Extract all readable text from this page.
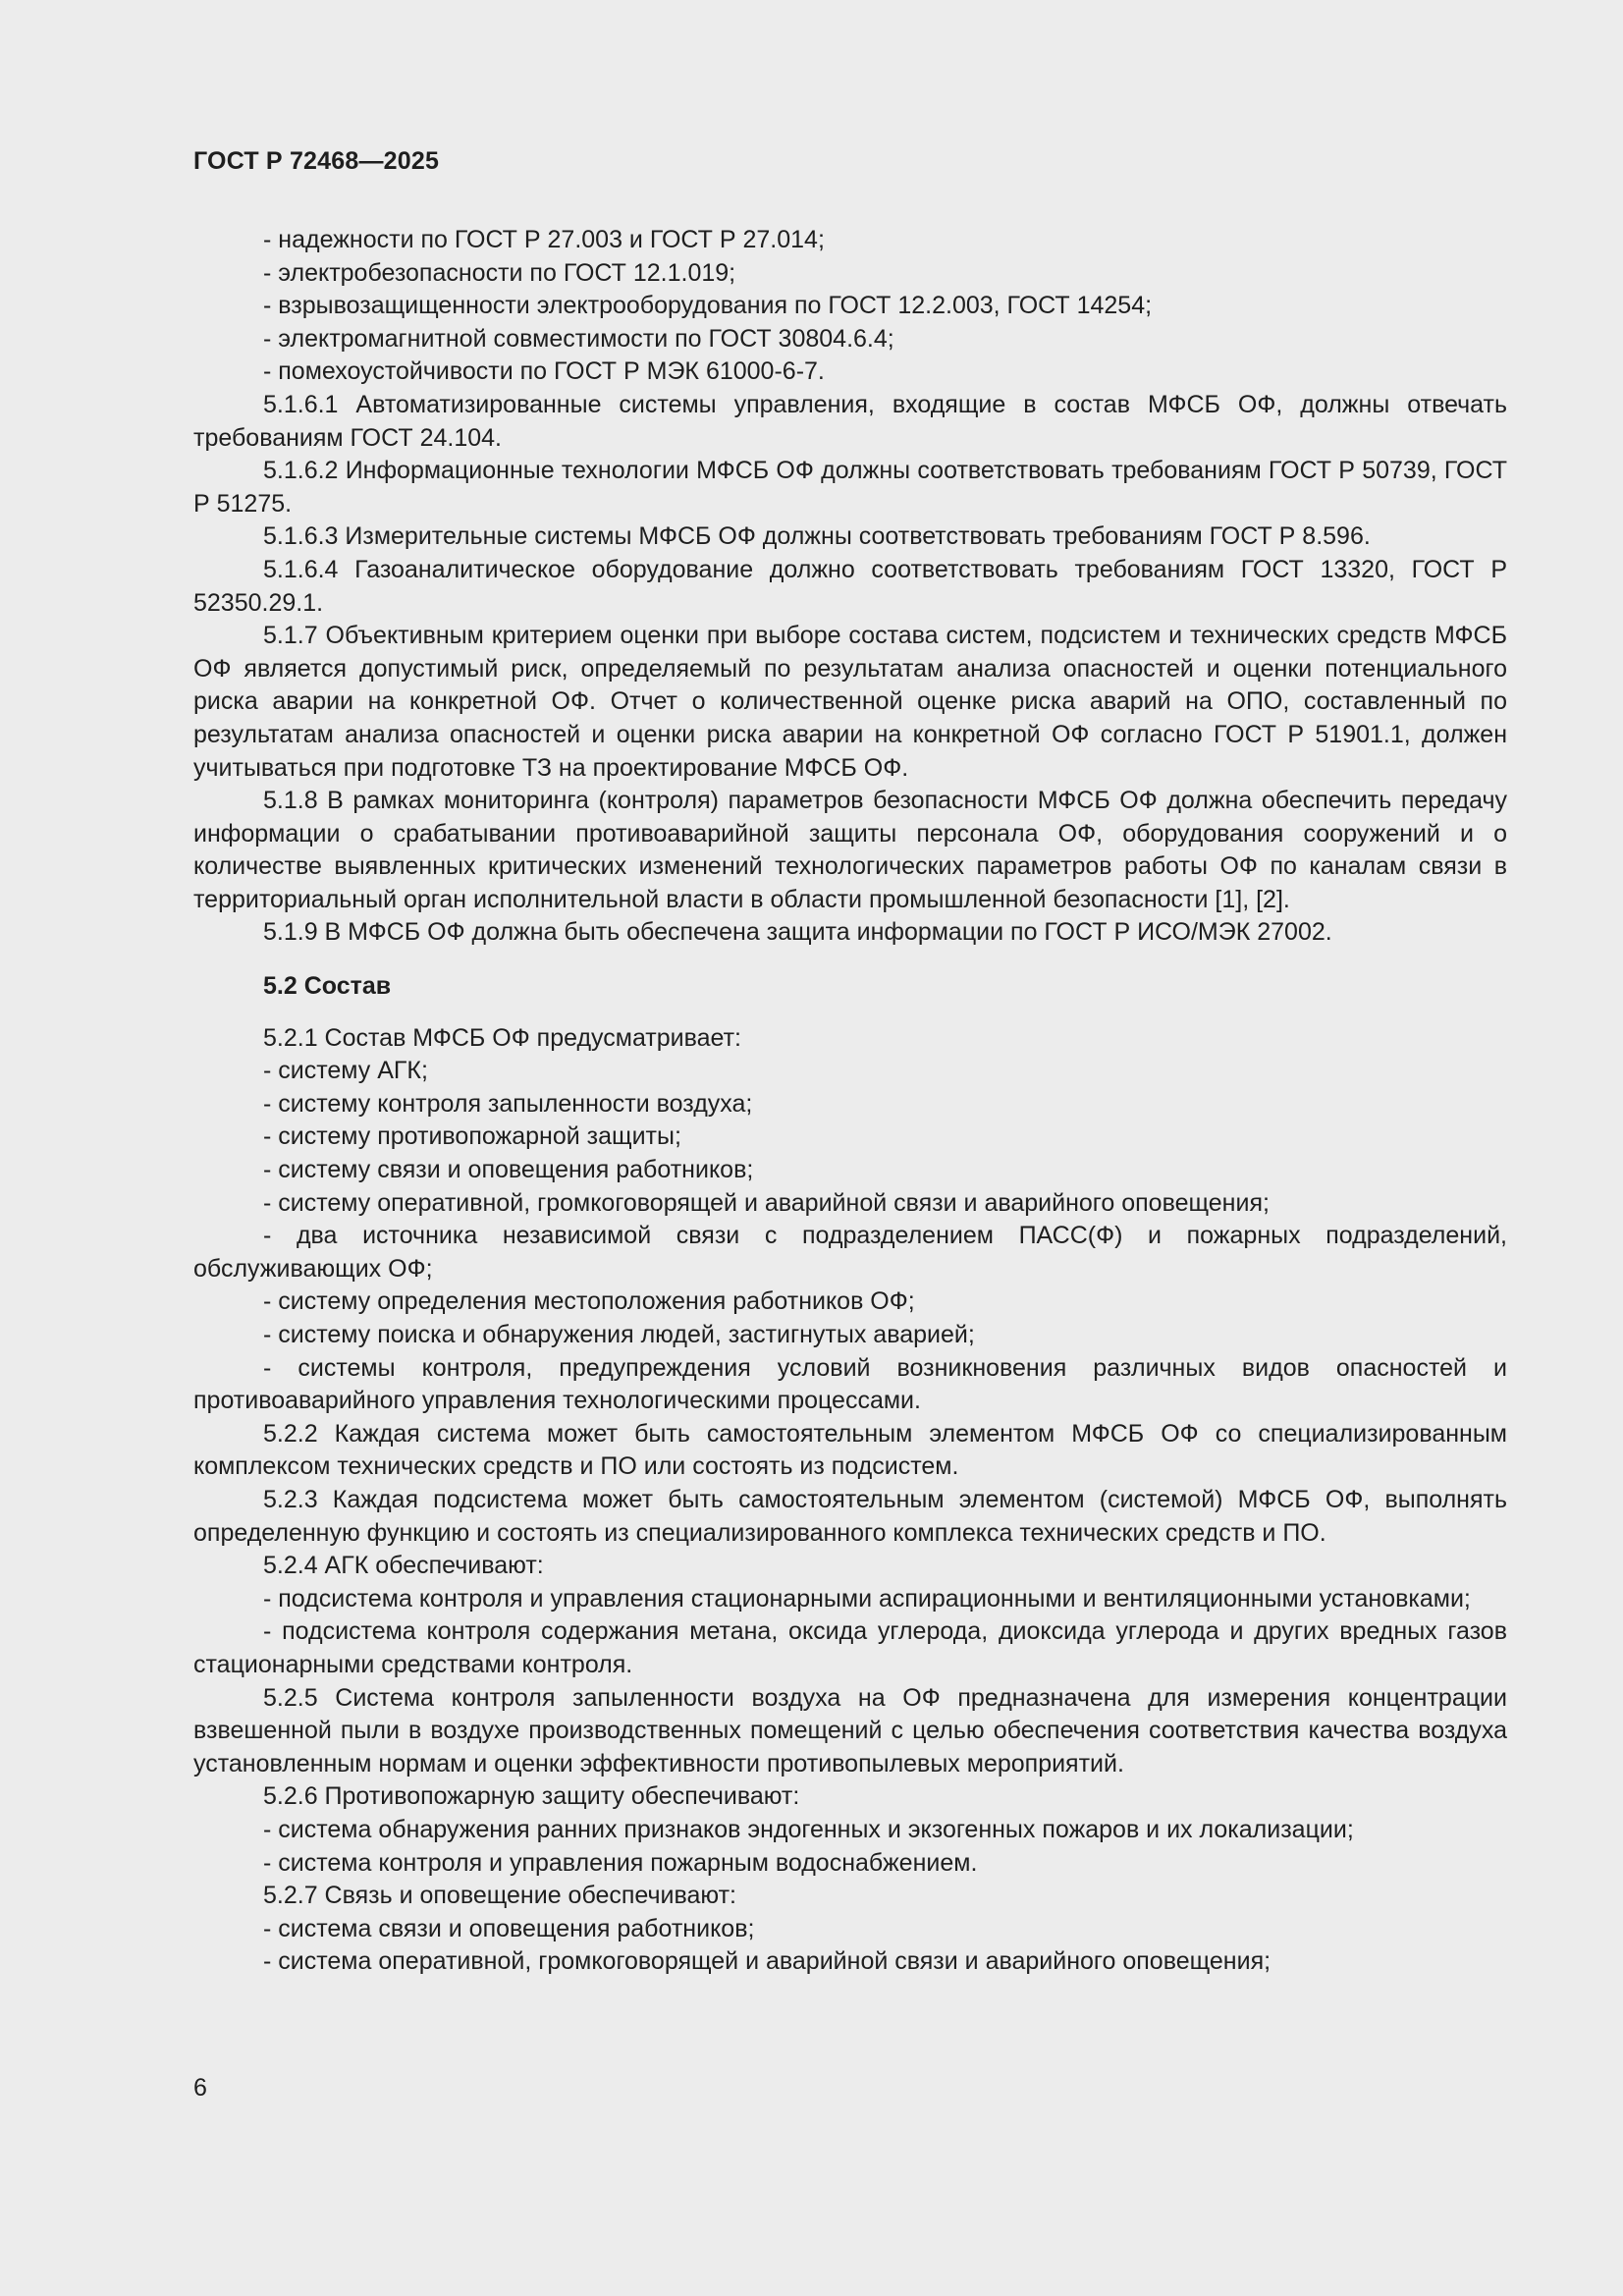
ГОСТ Р 72468—2025

- надежности по ГОСТ Р 27.003 и ГОСТ Р 27.014;

- электробезопасности по ГОСТ 12.1.019;

- взрывозащищенности электрооборудования по ГОСТ 12.2.003, ГОСТ 14254;

- электромагнитной совместимости по ГОСТ 30804.6.4;

- помехоустойчивости по ГОСТ Р МЭК 61000-6-7.

5.1.6.1 Автоматизированные системы управления, входящие в состав МФСБ ОФ, должны отвечать требованиям ГОСТ 24.104.

5.1.6.2 Информационные технологии МФСБ ОФ должны соответствовать требованиям ГОСТ Р 50739, ГОСТ Р 51275.

5.1.6.3 Измерительные системы МФСБ ОФ должны соответствовать требованиям ГОСТ Р 8.596.

5.1.6.4 Газоаналитическое оборудование должно соответствовать требованиям ГОСТ 13320, ГОСТ Р 52350.29.1.

5.1.7 Объективным критерием оценки при выборе состава систем, подсистем и технических средств МФСБ ОФ является допустимый риск, определяемый по результатам анализа опасностей и оценки потенциального риска аварии на конкретной ОФ. Отчет о количественной оценке риска аварий на ОПО, составленный по результатам анализа опасностей и оценки риска аварии на конкретной ОФ согласно ГОСТ Р 51901.1, должен учитываться при подготовке ТЗ на проектирование МФСБ ОФ.

5.1.8 В рамках мониторинга (контроля) параметров безопасности МФСБ ОФ должна обеспечить передачу информации о срабатывании противоаварийной защиты персонала ОФ, оборудования сооружений и о количестве выявленных критических изменений технологических параметров работы ОФ по каналам связи в территориальный орган исполнительной власти в области промышленной безопасности [1], [2].

5.1.9 В МФСБ ОФ должна быть обеспечена защита информации по ГОСТ Р ИСО/МЭК 27002.

5.2 Состав

5.2.1 Состав МФСБ ОФ предусматривает:

- систему АГК;

- систему контроля запыленности воздуха;

- систему противопожарной защиты;

- систему связи и оповещения работников;

- систему оперативной, громкоговорящей и аварийной связи и аварийного оповещения;

- два источника независимой связи с подразделением ПАСС(Ф) и пожарных подразделений, обслуживающих ОФ;

- систему определения местоположения работников ОФ;

- систему поиска и обнаружения людей, застигнутых аварией;

- системы контроля, предупреждения условий возникновения различных видов опасностей и противоаварийного управления технологическими процессами.

5.2.2 Каждая система может быть самостоятельным элементом МФСБ ОФ со специализированным комплексом технических средств и ПО или состоять из подсистем.

5.2.3 Каждая подсистема может быть самостоятельным элементом (системой) МФСБ ОФ, выполнять определенную функцию и состоять из специализированного комплекса технических средств и ПО.

5.2.4 АГК обеспечивают:

- подсистема контроля и управления стационарными аспирационными и вентиляционными установками;

- подсистема контроля содержания метана, оксида углерода, диоксида углерода и других вредных газов стационарными средствами контроля.

5.2.5 Система контроля запыленности воздуха на ОФ предназначена для измерения концентрации взвешенной пыли в воздухе производственных помещений с целью обеспечения соответствия качества воздуха установленным нормам и оценки эффективности противопылевых мероприятий.

5.2.6 Противопожарную защиту обеспечивают:

- система обнаружения ранних признаков эндогенных и экзогенных пожаров и их локализации;

- система контроля и управления пожарным водоснабжением.

5.2.7 Связь и оповещение обеспечивают:

- система связи и оповещения работников;

- система оперативной, громкоговорящей и аварийной связи и аварийного оповещения;

6
